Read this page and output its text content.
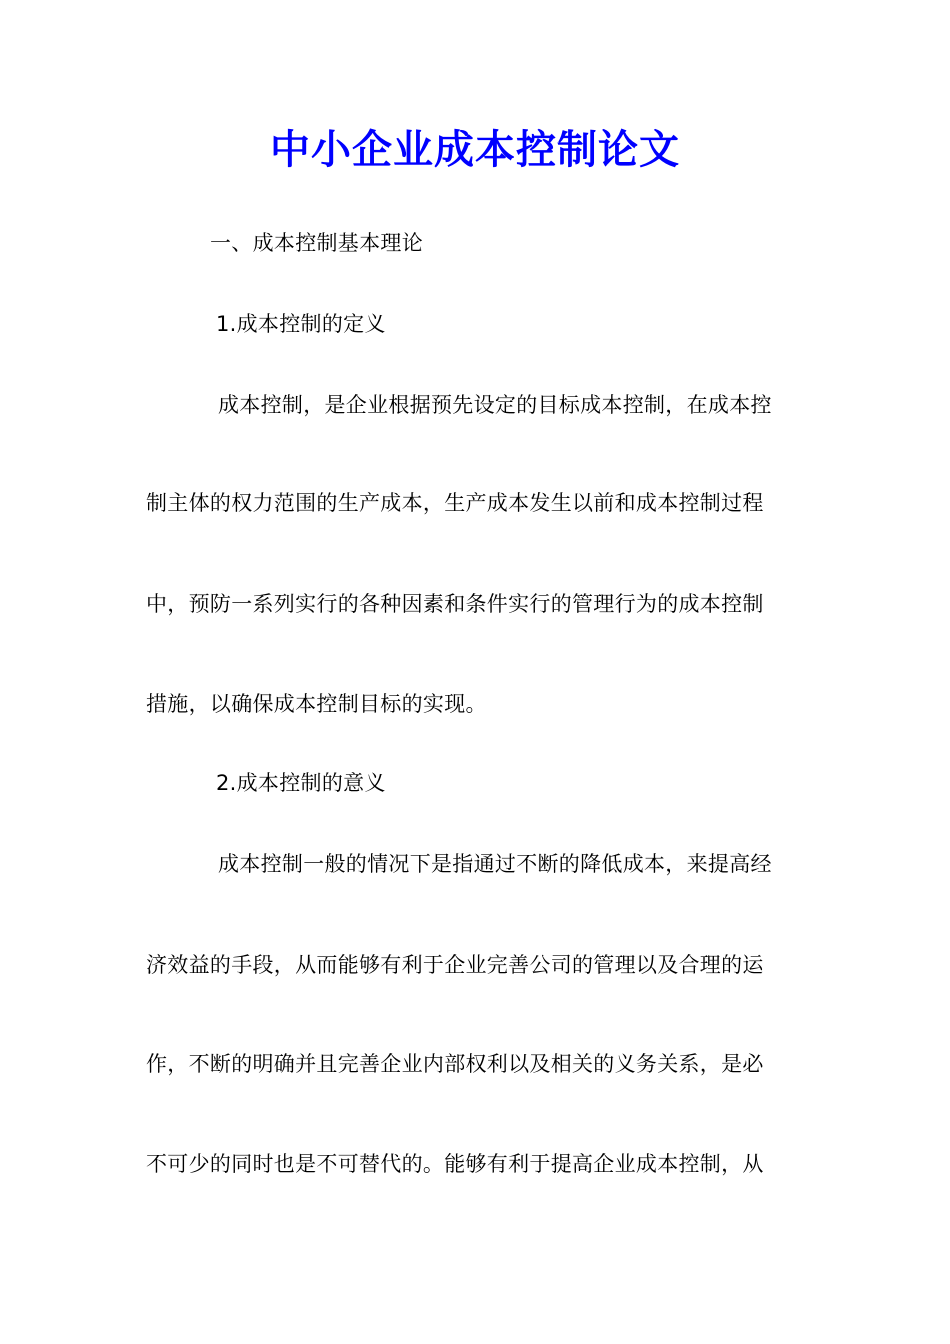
中小企业成本控制论文
一、成本控制基本理论
1.成本控制的定义
成本控制，是企业根据预先设定的目标成本控制，在成本控
制主体的权力范围的生产成本，生产成本发生以前和成本控制过程
中，预防一系列实行的各种因素和条件实行的管理行为的成本控制
措施，以确保成本控制目标的实现。
2.成本控制的意义
成本控制一般的情况下是指通过不断的降低成本，来提高经
济效益的手段，从而能够有利于企业完善公司的管理以及合理的运
作，不断的明确并且完善企业内部权利以及相关的义务关系，是必
不可少的同时也是不可替代的。能够有利于提高企业成本控制，从
